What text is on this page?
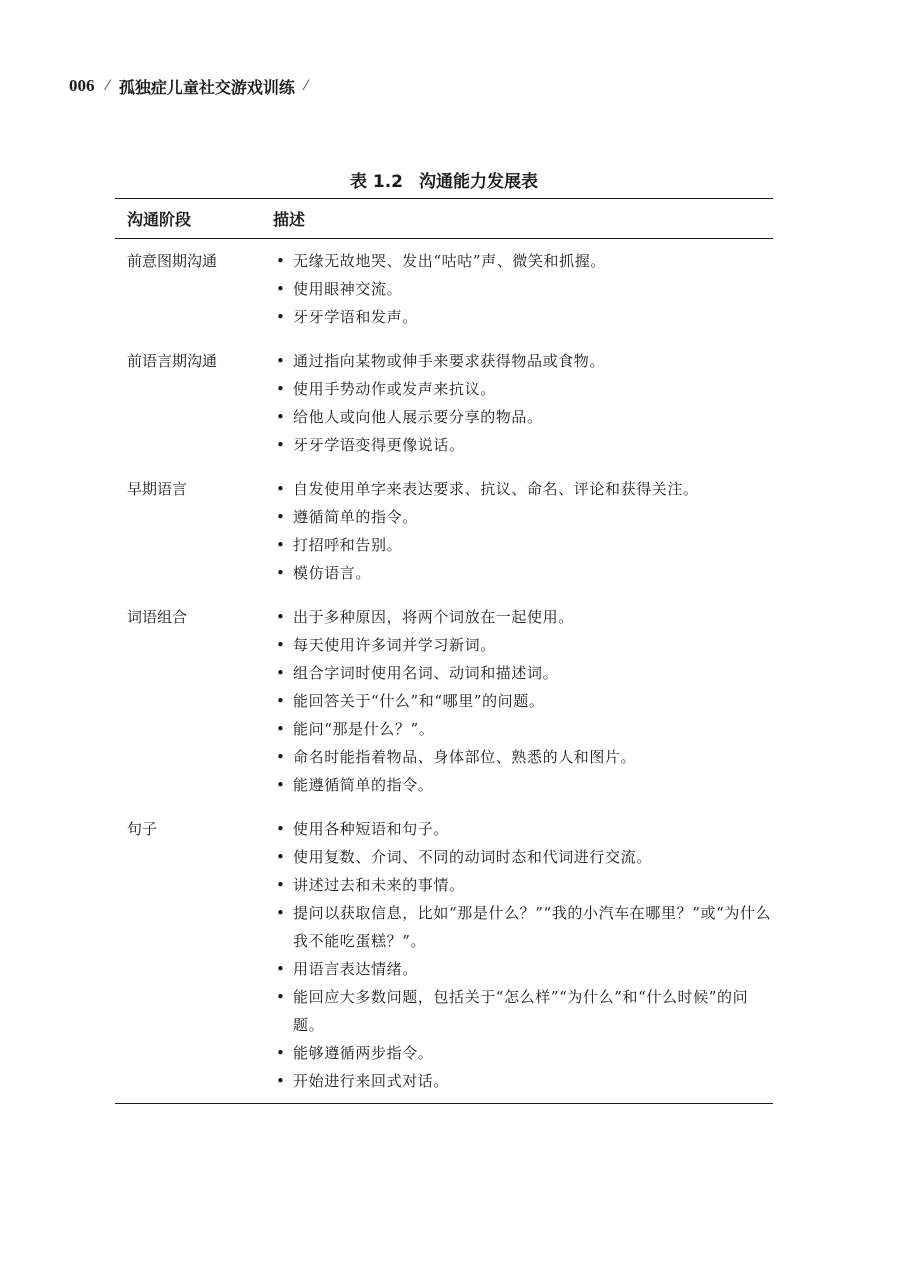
006 ⁄ 孤独症儿童社交游戏训练 ⁄
表 1.2 沟通能力发展表
沟通阶段	描述
前意图期沟通	• 无缘无故地哭、发出“咕咕”声、微笑和抓握。
• 使用眼神交流。
• 牙牙学语和发声。
前语言期沟通	• 通过指向某物或伸手来要求获得物品或食物。
• 使用手势动作或发声来抗议。
• 给他人或向他人展示要分享的物品。
• 牙牙学语变得更像说话。
早期语言	• 自发使用单字来表达要求、抗议、命名、评论和获得关注。
• 遵循简单的指令。
• 打招呼和告别。
• 模仿语言。
词语组合	• 出于多种原因，将两个词放在一起使用。
• 每天使用许多词并学习新词。
• 组合字词时使用名词、动词和描述词。
• 能回答关于“什么”和“哪里”的问题。
• 能问“那是什么？”。
• 命名时能指着物品、身体部位、熟悉的人和图片。
• 能遵循简单的指令。
句子	• 使用各种短语和句子。
• 使用复数、介词、不同的动词时态和代词进行交流。
• 讲述过去和未来的事情。
• 提问以获取信息，比如“那是什么？”“我的小汽车在哪里？”或“为什么我不能吃蛋糕？”。
• 用语言表达情绪。
• 能回应大多数问题，包括关于“怎么样”“为什么”和“什么时候”的问题。
• 能够遵循两步指令。
• 开始进行来回式对话。
